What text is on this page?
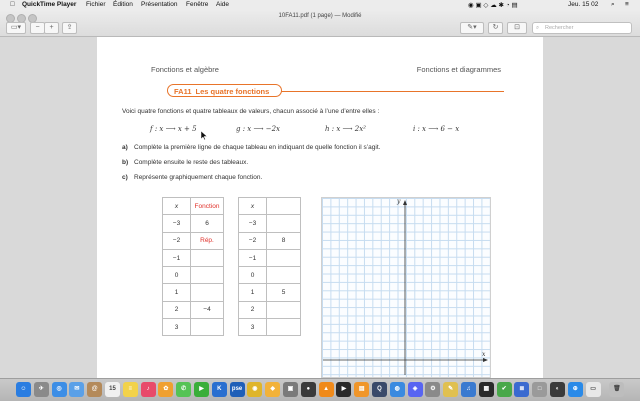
QuickTime Player Fichier Édition Présentation Fenêtre Aide	◉ ▣ ◇ ☁ ✱ ◔ ▤	Jeu. 15 02 ⌕ ≡
10FA11.pdf (1 page) — Modifié
▭▾	−	+	⇪	✎▾	↻	⊡	⌕ Rechercher
Fonctions et algèbre	Fonctions et diagrammes
FA11 Les quatre fonctions
Voici quatre fonctions et quatre tableaux de valeurs, chacun associé à l’une d’entre elles :
f : x ⟶ x + 5	g : x ⟶ −2x	h : x ⟶ 2x²	i : x ⟶ 6 − x
a) Complète la première ligne de chaque tableau en indiquant de quelle fonction il s’agit.
b) Complète ensuite le reste des tableaux.
c) Représente graphiquement chaque fonction.
x	Fonction
−3	6
−2	Rép.
−1	
0	
1	
2	−4
3	
x	
−3	
−2	8
−1	
0	
1	5
2	
3	
y
x
☺	✈	◎	✉	@	15	≡	♪	✿	✆	▶	K	pse	◉	◆	▣	●	▲	▶	▤	Q	◍	◈	⚙	✎	♫	▦	✔	≣	□	◐	⊕	▭	🗑
